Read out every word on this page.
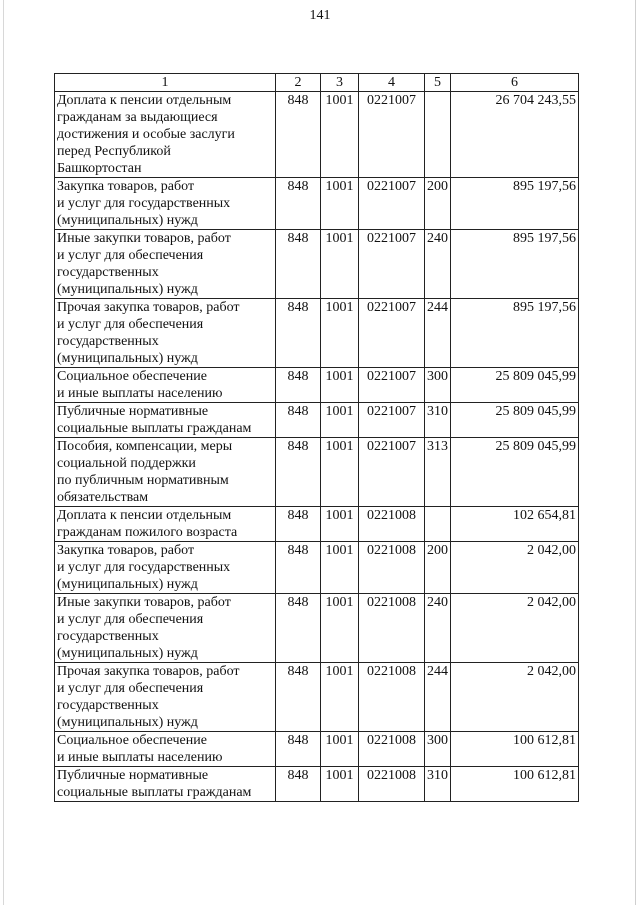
141
1	2	3	4	5	6
Доплата к пенсии отдельным
гражданам за выдающиеся
достижения и особые заслуги
перед Республикой
Башкортостан	848	1001	0221007		26 704 243,55
Закупка товаров, работ
и услуг для государственных
(муниципальных) нужд	848	1001	0221007	200	895 197,56
Иные закупки товаров, работ
и услуг для обеспечения
государственных
(муниципальных) нужд	848	1001	0221007	240	895 197,56
Прочая закупка товаров, работ
и услуг для обеспечения
государственных
(муниципальных) нужд	848	1001	0221007	244	895 197,56
Социальное обеспечение
и иные выплаты населению	848	1001	0221007	300	25 809 045,99
Публичные нормативные
социальные выплаты гражданам	848	1001	0221007	310	25 809 045,99
Пособия, компенсации, меры
социальной поддержки
по публичным нормативным
обязательствам	848	1001	0221007	313	25 809 045,99
Доплата к пенсии отдельным
гражданам пожилого возраста	848	1001	0221008		102 654,81
Закупка товаров, работ
и услуг для государственных
(муниципальных) нужд	848	1001	0221008	200	2 042,00
Иные закупки товаров, работ
и услуг для обеспечения
государственных
(муниципальных) нужд	848	1001	0221008	240	2 042,00
Прочая закупка товаров, работ
и услуг для обеспечения
государственных
(муниципальных) нужд	848	1001	0221008	244	2 042,00
Социальное обеспечение
и иные выплаты населению	848	1001	0221008	300	100 612,81
Публичные нормативные
социальные выплаты гражданам	848	1001	0221008	310	100 612,81
